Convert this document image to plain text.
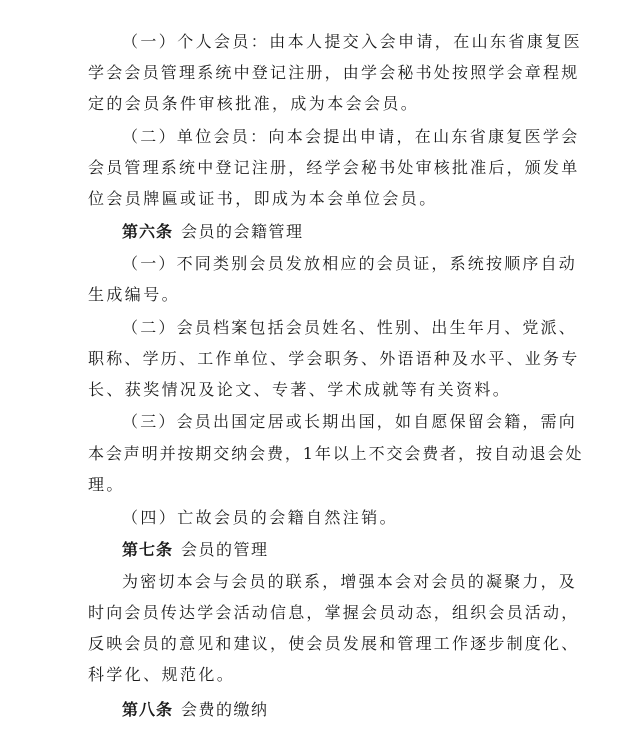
（一）个人会员：由本人提交入会申请，在山东省康复医
学会会员管理系统中登记注册，由学会秘书处按照学会章程规
定的会员条件审核批准，成为本会会员。
（二）单位会员：向本会提出申请，在山东省康复医学会
会员管理系统中登记注册，经学会秘书处审核批准后，颁发单
位会员牌匾或证书，即成为本会单位会员。
第六条 会员的会籍管理
（一）不同类别会员发放相应的会员证，系统按顺序自动
生成编号。
（二）会员档案包括会员姓名、性别、出生年月、党派、
职称、学历、工作单位、学会职务、外语语种及水平、业务专
长、获奖情况及论文、专著、学术成就等有关资料。
（三）会员出国定居或长期出国，如自愿保留会籍，需向
本会声明并按期交纳会费，1年以上不交会费者，按自动退会处
理。
（四）亡故会员的会籍自然注销。
第七条 会员的管理
为密切本会与会员的联系，增强本会对会员的凝聚力，及
时向会员传达学会活动信息，掌握会员动态，组织会员活动，
反映会员的意见和建议，使会员发展和管理工作逐步制度化、
科学化、规范化。
第八条 会费的缴纳
